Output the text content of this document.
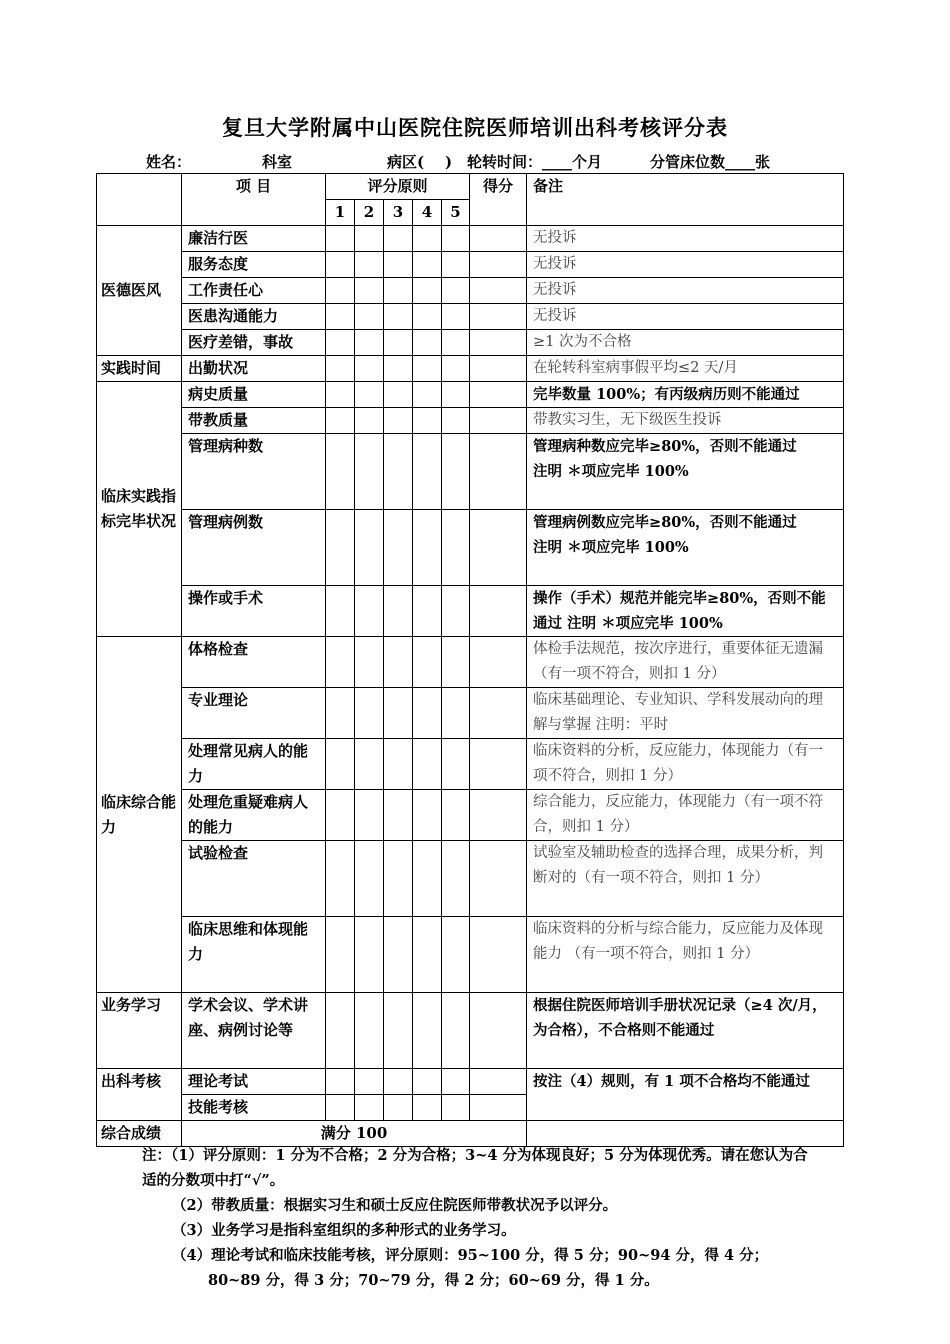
复旦大学附属中山医院住院医师培训出科考核评分表

姓名：

	科室

	病区(    )

轮转时间：____个月

	分管床位数____张

	项 目	评分原则					得分	备注
		1	2	3	4	5		
医德医风	廉洁行医							无投诉
	服务态度							无投诉
	工作责任心							无投诉
	医患沟通能力							无投诉
	医疗差错，事故							≥1 次为不合格
实践时间	出勤状况							在轮转科室病事假平均≤2 天/月
临床实践指标完毕状况	病史质量							完毕数量 100%；有丙级病历则不能通过
	带教质量							带教实习生，无下级医生投诉
	管理病种数							管理病种数应完毕≥80%，否则不能通过
注明 ＊项应完毕 100%

	管理病例数							管理病例数应完毕≥80%，否则不能通过
注明 ＊项应完毕 100%

	操作或手术							操作（手术）规范并能完毕≥80%，否则不能通过 注明 ＊项应完毕 100%
临床综合能力	体格检查							体检手法规范，按次序进行，重要体征无遗漏 （有一项不符合，则扣 1 分）
	专业理论							临床基础理论、专业知识、学科发展动向的理解与掌握 注明：平时
	处理常见病人的能力							临床资料的分析，反应能力，体现能力（有一项不符合，则扣 1 分）
	处理危重疑难病人的能力							综合能力，反应能力，体现能力（有一项不符合，则扣 1 分）
	试验检查							试验室及辅助检查的选择合理，成果分析，判断对的（有一项不符合，则扣 1 分）
	临床思维和体现能力							临床资料的分析与综合能力，反应能力及体现能力 （有一项不符合，则扣 1 分）
业务学习	学术会议、学术讲座、病例讨论等							根据住院医师培训手册状况记录（≥4 次/月，为合格），不合格则不能通过
出科考核	理论考试							按注（4）规则，有 1 项不合格均不能通过
	技能考核							
综合成绩	满分 100							
注：（1）评分原则：1 分为不合格；2 分为合格；3~4 分为体现良好；5 分为体现优秀。请在您认为合适的分数项中打“√”。
（2）带教质量：根据实习生和硕士反应住院医师带教状况予以评分。
（3）业务学习是指科室组织的多种形式的业务学习。
（4）理论考试和临床技能考核，评分原则：95~100 分，得 5 分；90~94 分，得 4 分；
80~89 分，得 3 分；70~79 分，得 2 分；60~69 分，得 1 分。
